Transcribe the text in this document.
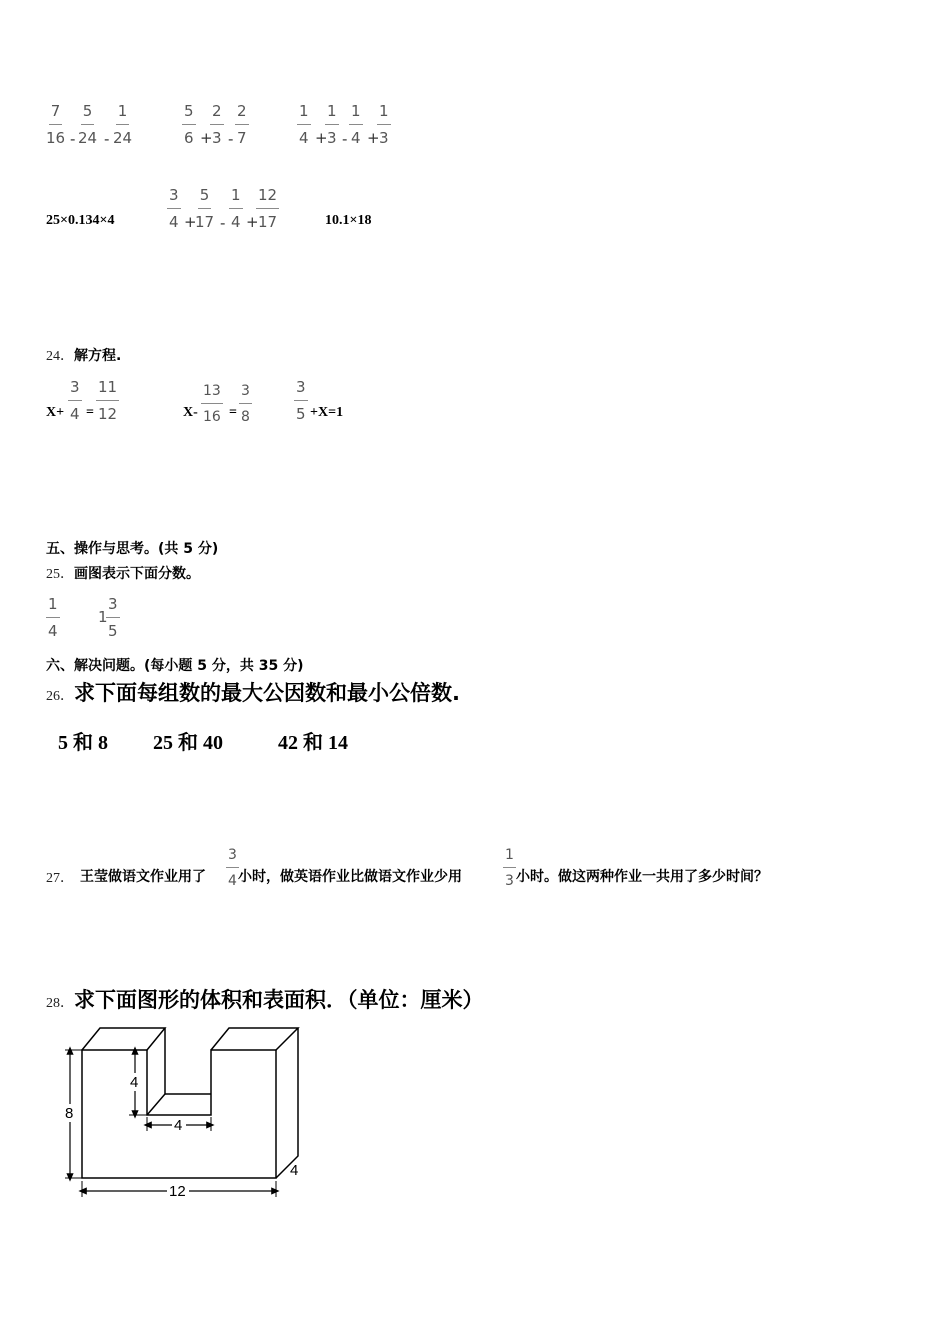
$\frac{7}{16} - \frac{5}{24} - \frac{1}{24}$	$\frac{5}{6}$ +
$\frac{2}{3} - \frac{2}{7}$	$\frac{1}{4}$ +
$\frac{1}{3} - \frac{1}{4}$ +
$\frac{1}{3}$
25×0.134×4	$\frac{3}{4}$ +
$\frac{5}{17} - \frac{1}{4}$ +
$\frac{12}{17}$	10.1×18
24．解方程.
$X+ \frac{3}{4} = \frac{11}{12}$	$X- \frac{13}{16} = \frac{3}{8}$	$\frac{3}{5} +X=1$
五、操作与思考。(共 5 分)
25．画图表示下面分数。
$\frac{1}{4}$	1
$\frac{3}{5}$
六、解决问题。(每小题 5 分，共 35 分)
26．求下面每组数的最大公因数和最小公倍数.
5 和 8 25 和 40	42 和 14
27． 王莹做语文作业用了 $\frac{3}{4}$ 小时，做英语作业比做语文作业少用	$\frac{1}{3}$ 小时。做这两种作业一共用了多少时间？
28．求下面图形的体积和表面积．（单位：厘米）
8
4
4
12
4
